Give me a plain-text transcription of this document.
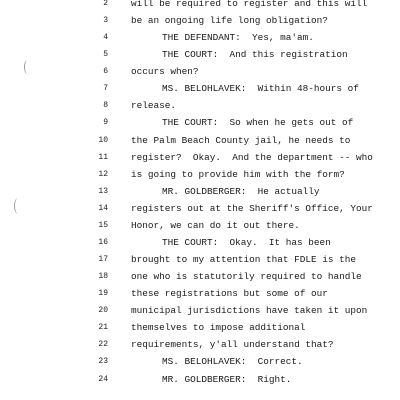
2 will be required to register and this will
3 be an ongoing life long obligation?
4	THE DEFENDANT:  Yes, ma'am.
5	THE COURT:  And this registration
6 occurs when?
7	MS. BELOHLAVEK:  Within 48-hours of
8 release.
9	THE COURT:  So when he gets out of
10 the Palm Beach County jail, he needs to
11 register?  Okay.  And the department -- who
12 is going to provide him with the form?
13	MR. GOLDBERGER:  He actually
14 registers out at the Sheriff's Office, Your
15 Honor, we can do it out there.
16	THE COURT:  Okay.  It has been
17 brought to my attention that FDLE is the
18 one who is statutorily required to handle
19 these registrations but some of our
20 municipal jurisdictions have taken it upon
21 themselves to impose additional
22 requirements, y'all understand that?
23	MS. BELOHLAVEK:  Correct.
24	MR. GOLDBERGER:  Right.
